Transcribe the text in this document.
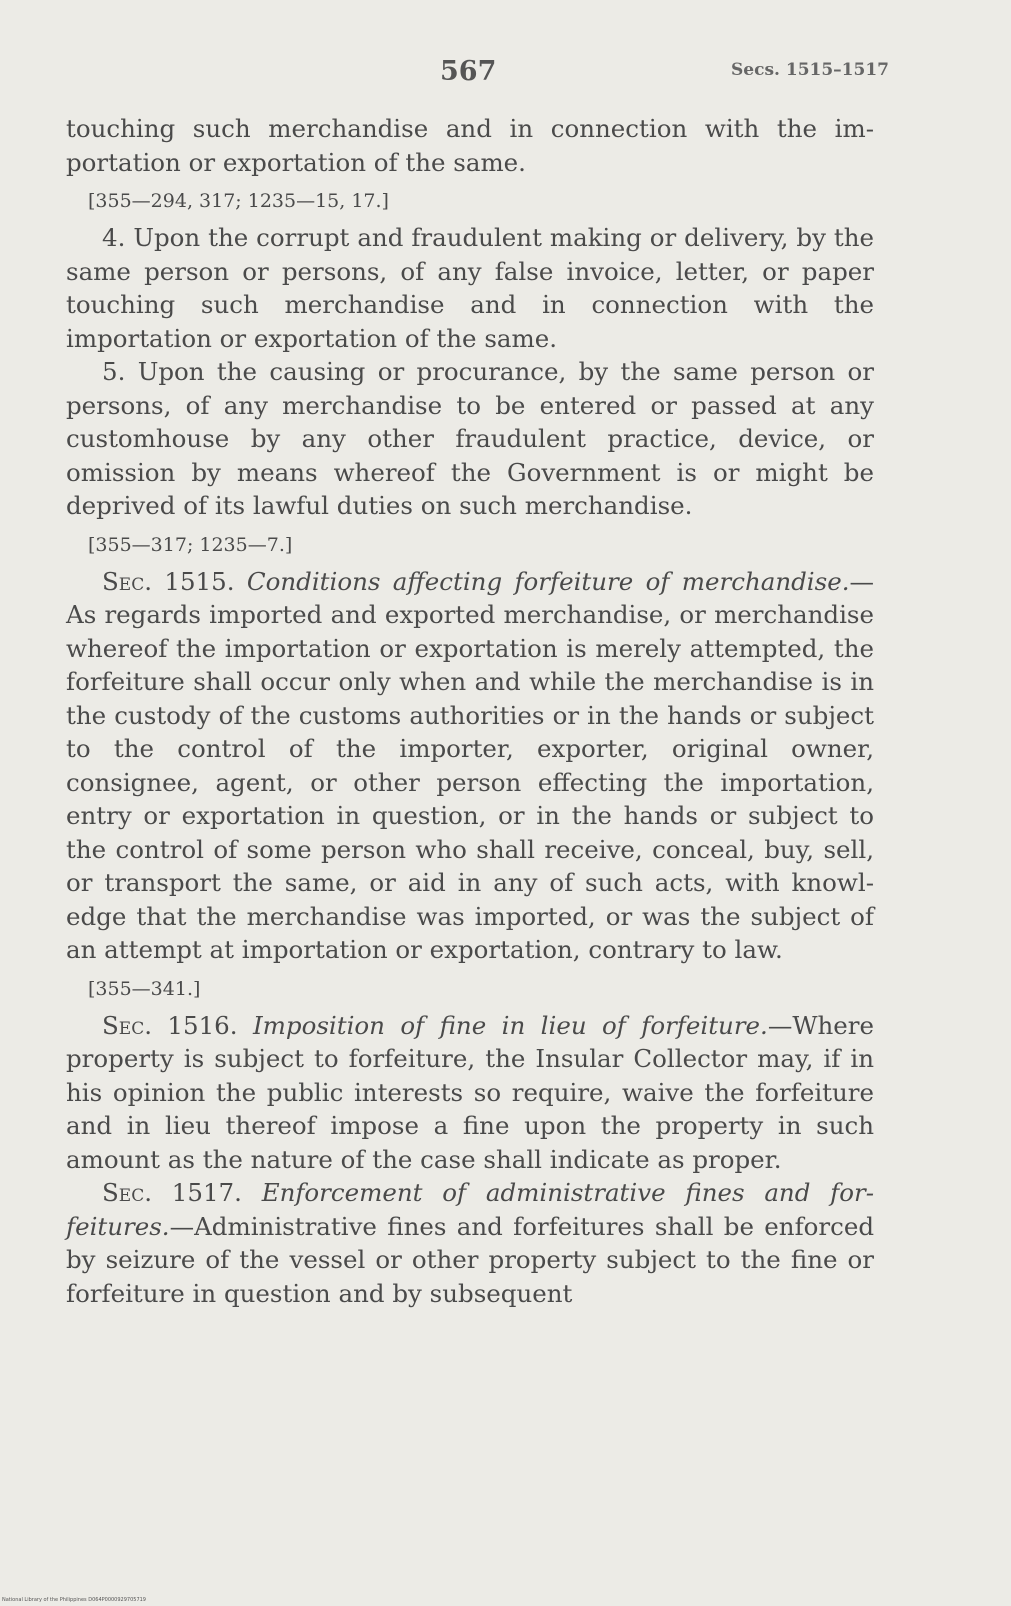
567	Secs. 1515–1517

touching such merchandise and in connection with the importation or exportation of the same.

[355—294, 317; 1235—15, 17.]

4. Upon the corrupt and fraudulent making or delivery, by the same person or persons, of any false invoice, letter, or paper touching such merchandise and in connection with the importation or exportation of the same.

5. Upon the causing or procurance, by the same person or persons, of any merchandise to be entered or passed at any customhouse by any other fraudulent practice, device, or omission by means whereof the Government is or might be deprived of its lawful duties on such merchandise.

[355—317; 1235—7.]

Sec. 1515. Conditions affecting forfeiture of merchandise.—As regards imported and exported merchandise, or merchandise whereof the importation or exportation is merely attempted, the forfeiture shall occur only when and while the merchandise is in the custody of the customs authorities or in the hands or subject to the control of the importer, exporter, original owner, consignee, agent, or other person effecting the importation, entry or exportation in question, or in the hands or subject to the control of some person who shall receive, conceal, buy, sell, or transport the same, or aid in any of such acts, with knowledge that the merchandise was imported, or was the subject of an attempt at importation or exportation, contrary to law.

[355—341.]

Sec. 1516. Imposition of fine in lieu of forfeiture.—Where property is subject to forfeiture, the Insular Collector may, if in his opinion the public interests so require, waive the forfeiture and in lieu thereof impose a fine upon the property in such amount as the nature of the case shall indicate as proper.

Sec. 1517. Enforcement of administrative fines and forfeitures.—Administrative fines and forfeitures shall be enforced by seizure of the vessel or other property subject to the fine or forfeiture in question and by subsequent

National Library of the Philippines D064P0000929705719
